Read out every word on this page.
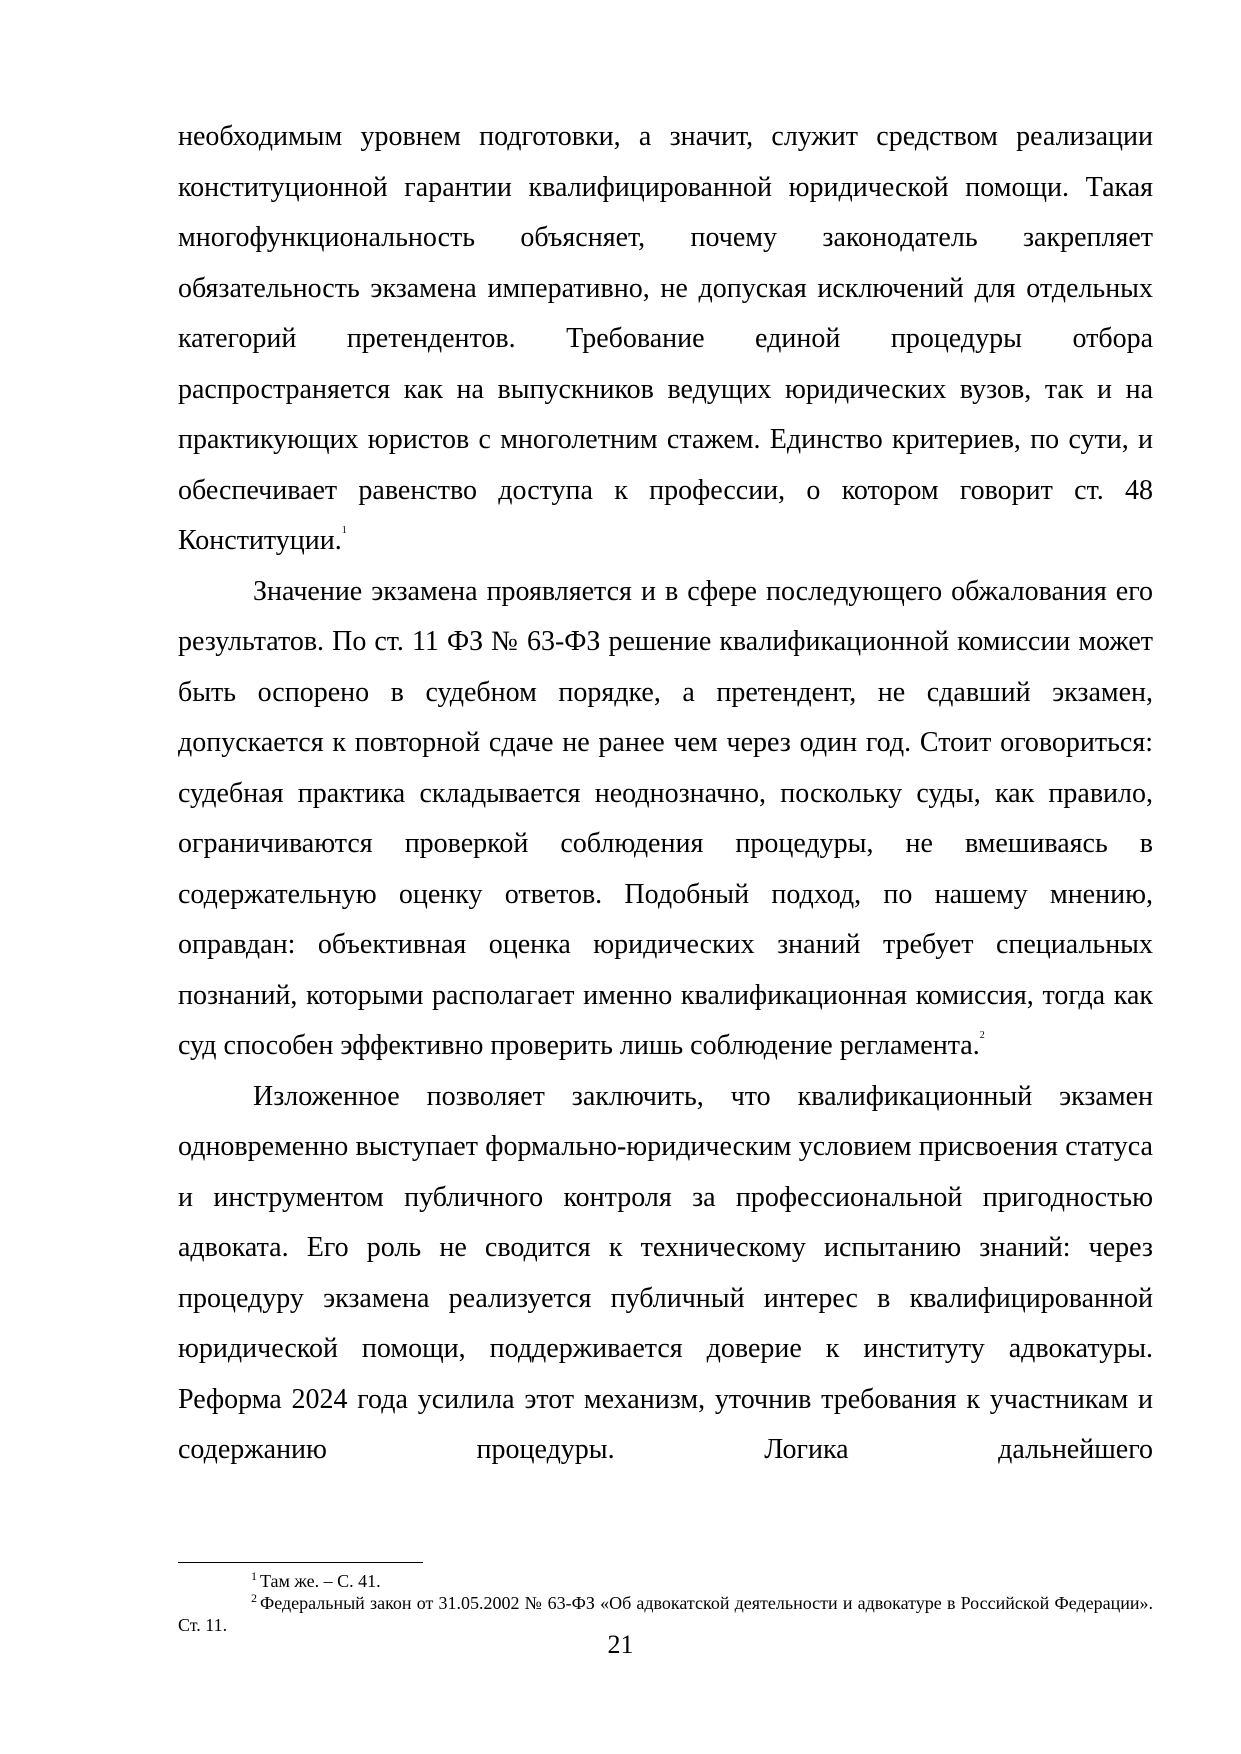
необходимым уровнем подготовки, а значит, служит средством реализации конституционной гарантии квалифицированной юридической помощи. Такая многофункциональность объясняет, почему законодатель закрепляет обязательность экзамена императивно, не допуская исключений для отдельных категорий претендентов. Требование единой процедуры отбора распространяется как на выпускников ведущих юридических вузов, так и на практикующих юристов с многолетним стажем. Единство критериев, по сути, и обеспечивает равенство доступа к профессии, о котором говорит ст. 48 Конституции.$^1$

Значение экзамена проявляется и в сфере последующего обжалования его результатов. По ст. 11 ФЗ № 63-ФЗ решение квалификационной комиссии может быть оспорено в судебном порядке, а претендент, не сдавший экзамен, допускается к повторной сдаче не ранее чем через один год. Стоит оговориться: судебная практика складывается неоднозначно, поскольку суды, как правило, ограничиваются проверкой соблюдения процедуры, не вмешиваясь в содержательную оценку ответов. Подобный подход, по нашему мнению, оправдан: объективная оценка юридических знаний требует специальных познаний, которыми располагает именно квалификационная комиссия, тогда как суд способен эффективно проверить лишь соблюдение регламента.$^2$

Изложенное позволяет заключить, что квалификационный экзамен одновременно выступает формально-юридическим условием присвоения статуса и инструментом публичного контроля за профессиональной пригодностью адвоката. Его роль не сводится к техническому испытанию знаний: через процедуру экзамена реализуется публичный интерес в квалифицированной юридической помощи, поддерживается доверие к институту адвокатуры. Реформа 2024 года усилила этот механизм, уточнив требования к участникам и содержанию процедуры. Логика дальнейшего

$^1$ Там же. – С. 41.

$^2$ Федеральный закон от 31.05.2002 № 63-ФЗ «Об адвокатской деятельности и адвокатуре в Российской Федерации». Ст. 11.

21
